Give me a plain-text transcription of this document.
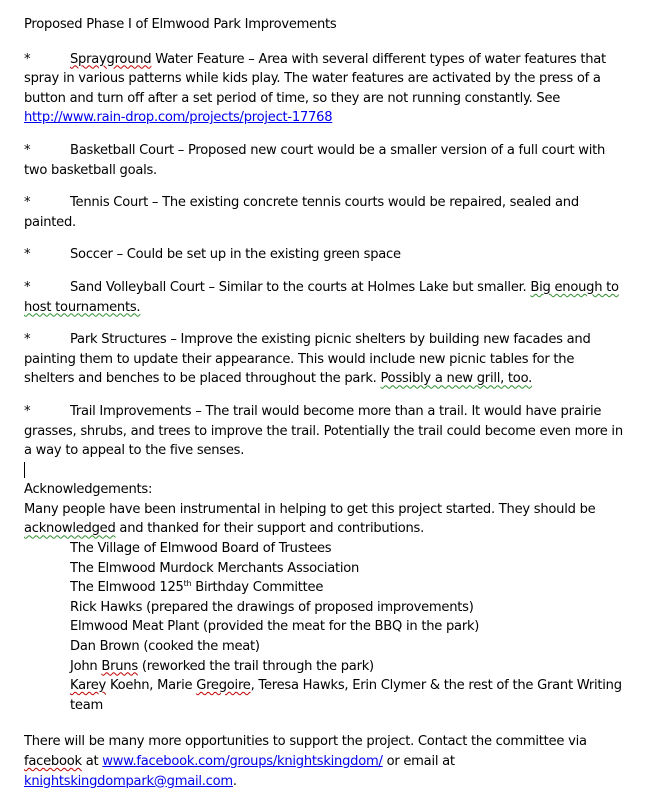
Proposed Phase I of Elmwood Park Improvements

*	Sprayground Water Feature – Area with several different types of water features that spray in various patterns while kids play. The water features are activated by the press of a button and turn off after a set period of time, so they are not running constantly. See http://www.rain-drop.com/projects/project-17768

*	Basketball Court – Proposed new court would be a smaller version of a full court with two basketball goals.

*	Tennis Court – The existing concrete tennis courts would be repaired, sealed and painted.

*	Soccer – Could be set up in the existing green space

*	Sand Volleyball Court – Similar to the courts at Holmes Lake but smaller. Big enough to host tournaments.

*	Park Structures – Improve the existing picnic shelters by building new facades and painting them to update their appearance. This would include new picnic tables for the shelters and benches to be placed throughout the park. Possibly a new grill, too.

*	Trail Improvements – The trail would become more than a trail. It would have prairie grasses, shrubs, and trees to improve the trail. Potentially the trail could become even more in a way to appeal to the five senses.

Acknowledgements:
Many people have been instrumental in helping to get this project started. They should be acknowledged and thanked for their support and contributions.
The Village of Elmwood Board of Trustees
The Elmwood Murdock Merchants Association
The Elmwood 125th Birthday Committee
Rick Hawks (prepared the drawings of proposed improvements)
Elmwood Meat Plant (provided the meat for the BBQ in the park)
Dan Brown (cooked the meat)
John Bruns (reworked the trail through the park)
Karey Koehn, Marie Gregoire, Teresa Hawks, Erin Clymer & the rest of the Grant Writing team

There will be many more opportunities to support the project. Contact the committee via facebook at www.facebook.com/groups/knightskingdom/ or email at knightskingdompark@gmail.com.
